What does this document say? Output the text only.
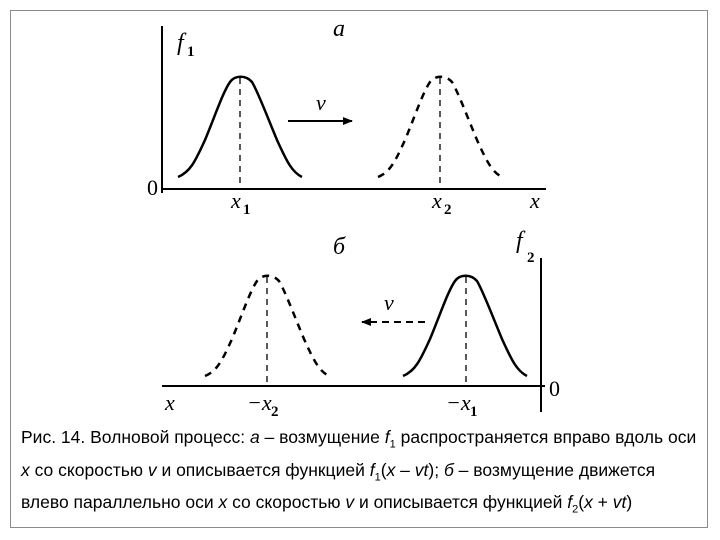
a
f 1
0
x
x 1	x 2
v
б	f
2
0
x	−x 2	−x 1
v
Рис. 14. Волновой процесс: а – возмущение $f_1$ распространяется вправо вдоль оси x со скоростью v и описывается функцией $f_1(x - vt)$; б – возмущение движется влево параллельно оси x со скоростью v и описывается функцией $f_2(x + vt)$
